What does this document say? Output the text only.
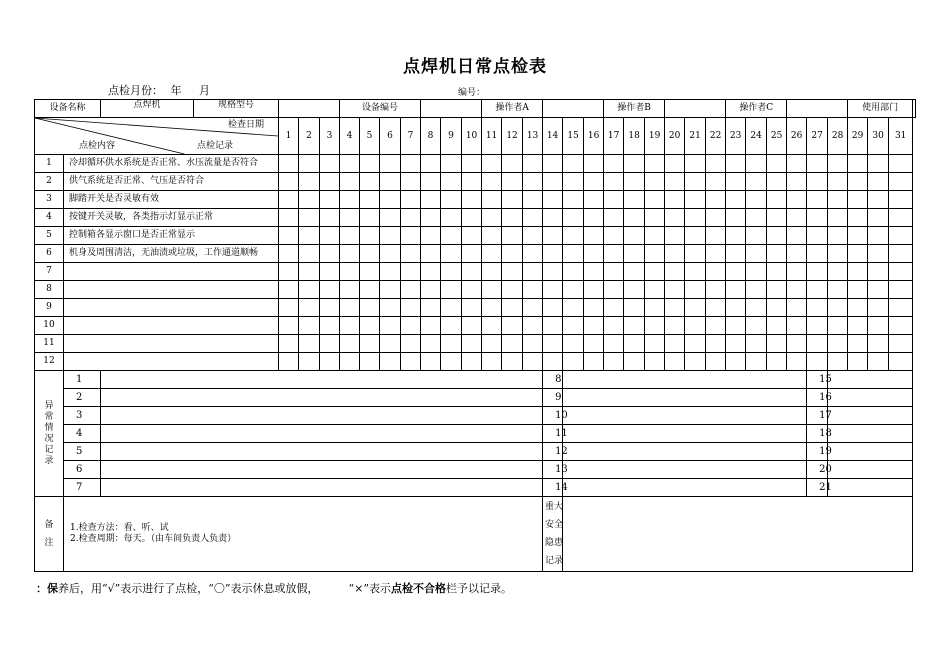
点焊机日常点检表
点检月份： 年 月	编号：
设备名称		点焊机 规格型号				设备编号							操作者A						操作者B						操作者C						使用部门			

检查日期
点检内容 点检记录			1	2	3	4	5	6	7	8	9	10	11	12	13	14	15	16	17	18	19	20	21	22	23	24	25	26	27	28	29	30	31	
1	冷却循环供水系统是否正常、水压流量是否符合																																	
2	供气系统是否正常、气压是否符合																																	
3	脚踏开关是否灵敏有效																																	
4	按键开关灵敏，各类指示灯显示正常																																	
5	控制箱各显示窗口是否正常显示																																	
6	机身及周围清洁，无油渍或垃圾，工作通道顺畅																																	
7																																		
8																																		
9																																		
10																																		
11																																		
12																																		

异常情况记录	1															8													15					
	2															9													16					
	3															10													17					
	4															11													18					
	5															12													19					
	6															13													20					
	7															14													21					

备注	1.检查方法：看、听、试
2.检查周期：每天。（由车间负责人负责）															重大安全隐患记录																		

：保养后，用“√”表示进行了点检，“〇”表示休息或放假，	“×”表示点检不合格栏予以记录。
